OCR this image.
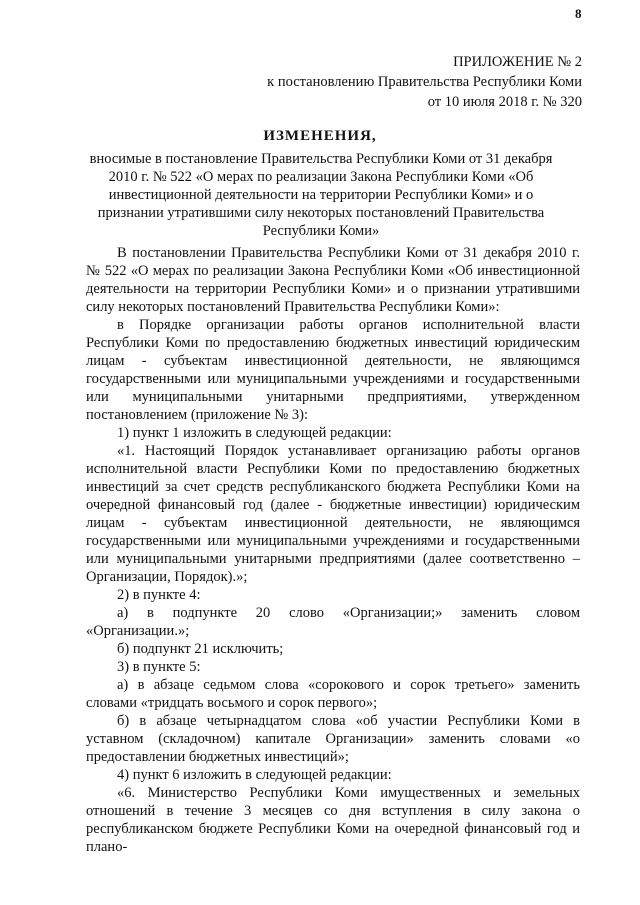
8
ПРИЛОЖЕНИЕ № 2
к постановлению Правительства Республики Коми
от 10 июля 2018 г. № 320
ИЗМЕНЕНИЯ,
вносимые в постановление Правительства Республики Коми от 31 декабря 2010 г. № 522 «О мерах по реализации Закона Республики Коми «Об инвестиционной деятельности на территории Республики Коми» и о признании утратившими силу некоторых постановлений Правительства Республики Коми»

В постановлении Правительства Республики Коми от 31 декабря 2010 г. № 522 «О мерах по реализации Закона Республики Коми «Об инвестиционной деятельности на территории Республики Коми» и о признании утратившими силу некоторых постановлений Правительства Республики Коми»:

в Порядке организации работы органов исполнительной власти Республики Коми по предоставлению бюджетных инвестиций юридическим лицам - субъектам инвестиционной деятельности, не являющимся государственными или муниципальными учреждениями и государственными или муниципальными унитарными предприятиями, утвержденном постановлением (приложение № 3):

1) пункт 1 изложить в следующей редакции:

«1. Настоящий Порядок устанавливает организацию работы органов исполнительной власти Республики Коми по предоставлению бюджетных инвестиций за счет средств республиканского бюджета Республики Коми на очередной финансовый год (далее - бюджетные инвестиции) юридическим лицам - субъектам инвестиционной деятельности, не являющимся государственными или муниципальными учреждениями и государственными или муниципальными унитарными предприятиями (далее соответственно – Организации, Порядок).»;

2) в пункте 4:

а) в подпункте 20 слово «Организации;» заменить словом «Организации.»;

б) подпункт 21 исключить;

3) в пункте 5:

а) в абзаце седьмом слова «сорокового и сорок третьего» заменить словами «тридцать восьмого и сорок первого»;

б) в абзаце четырнадцатом слова «об участии Республики Коми в уставном (складочном) капитале Организации» заменить словами «о предоставлении бюджетных инвестиций»;

4) пункт 6 изложить в следующей редакции:

«6. Министерство Республики Коми имущественных и земельных отношений в течение 3 месяцев со дня вступления в силу закона о республиканском бюджете Республики Коми на очередной финансовый год и плано-
